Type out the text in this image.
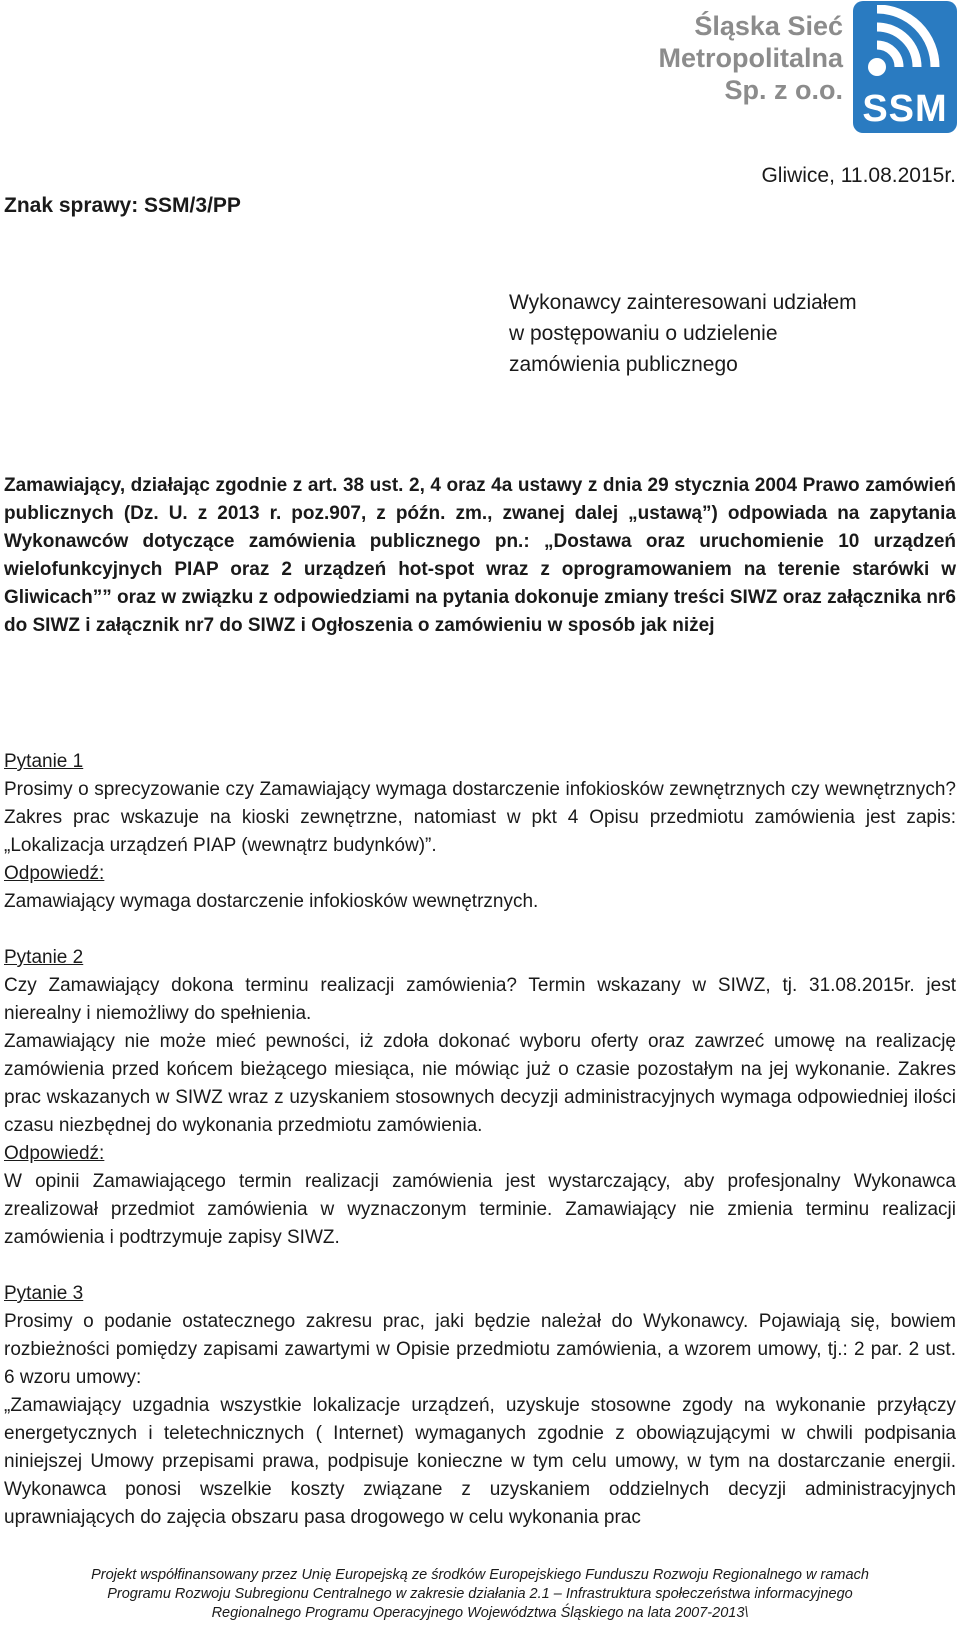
Śląska Sieć
Metropolitalna
Sp. z o.o. SSM
Znak sprawy: SSM/3/PP
Gliwice, 11.08.2015r.
Wykonawcy zainteresowani udziałem
w postępowaniu o udzielenie
zamówienia publicznego

Zamawiający, działając zgodnie z art. 38 ust. 2, 4 oraz 4a ustawy z dnia 29 stycznia 2004 Prawo zamówień publicznych (Dz. U. z 2013 r. poz.907, z późn. zm., zwanej dalej „ustawą”) odpowiada na zapytania Wykonawców dotyczące zamówienia publicznego pn.: „Dostawa oraz uruchomienie 10 urządzeń wielofunkcyjnych PIAP oraz 2 urządzeń hot-spot wraz z oprogramowaniem na terenie starówki w Gliwicach”” oraz w związku z odpowiedziami na pytania dokonuje zmiany treści SIWZ oraz załącznika nr6 do SIWZ i załącznik nr7 do SIWZ i Ogłoszenia o zamówieniu w sposób jak niżej

Pytanie 1

Prosimy o sprecyzowanie czy Zamawiający wymaga dostarczenie infokiosków zewnętrznych czy wewnętrznych? Zakres prac wskazuje na kioski zewnętrzne, natomiast w pkt 4 Opisu przedmiotu zamówienia jest zapis: „Lokalizacja urządzeń PIAP (wewnątrz budynków)”.

Odpowiedź:

Zamawiający wymaga dostarczenie infokiosków wewnętrznych.

Pytanie 2

Czy Zamawiający dokona terminu realizacji zamówienia? Termin wskazany w SIWZ, tj. 31.08.2015r. jest nierealny i niemożliwy do spełnienia.

Zamawiający nie może mieć pewności, iż zdoła dokonać wyboru oferty oraz zawrzeć umowę na realizację zamówienia przed końcem bieżącego miesiąca, nie mówiąc już o czasie pozostałym na jej wykonanie. Zakres prac wskazanych w SIWZ wraz z uzyskaniem stosownych decyzji administracyjnych wymaga odpowiedniej ilości czasu niezbędnej do wykonania przedmiotu zamówienia.

Odpowiedź:

W opinii Zamawiającego termin realizacji zamówienia jest wystarczający, aby profesjonalny Wykonawca zrealizował przedmiot zamówienia w wyznaczonym terminie. Zamawiający nie zmienia terminu realizacji zamówienia i podtrzymuje zapisy SIWZ.

Pytanie 3

Prosimy o podanie ostatecznego zakresu prac, jaki będzie należał do Wykonawcy. Pojawiają się, bowiem rozbieżności pomiędzy zapisami zawartymi w Opisie przedmiotu zamówienia, a wzorem umowy, tj.: 2 par. 2 ust. 6 wzoru umowy:

„Zamawiający uzgadnia wszystkie lokalizacje urządzeń, uzyskuje stosowne zgody na wykonanie przyłączy energetycznych i teletechnicznych ( Internet) wymaganych zgodnie z obowiązującymi w chwili podpisania niniejszej Umowy przepisami prawa, podpisuje konieczne w tym celu umowy, w tym na dostarczanie energii. Wykonawca ponosi wszelkie koszty związane z uzyskaniem oddzielnych decyzji administracyjnych uprawniających do zajęcia obszaru pasa drogowego w celu wykonania prac

Projekt współfinansowany przez Unię Europejską ze środków Europejskiego Funduszu Rozwoju Regionalnego w ramach
Programu Rozwoju Subregionu Centralnego w zakresie działania 2.1 – Infrastruktura społeczeństwa informacyjnego
Regionalnego Programu Operacyjnego Województwa Śląskiego na lata 2007-2013\
